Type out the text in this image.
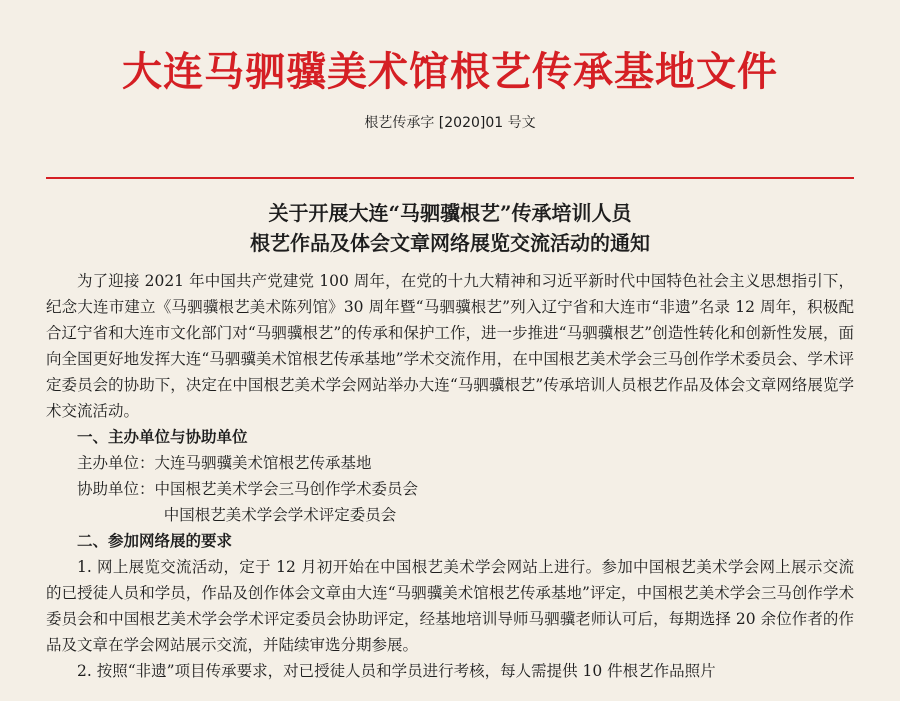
大连马驷骥美术馆根艺传承基地文件
根艺传承字 [2020]01 号文
关于开展大连“马驷骥根艺”传承培训人员
根艺作品及体会文章网络展览交流活动的通知

为了迎接 2021 年中国共产党建党 100 周年，在党的十九大精神和习近平新时代中国特色社会主义思想指引下，纪念大连市建立《马驷骥根艺美术陈列馆》30 周年暨“马驷骥根艺”列入辽宁省和大连市“非遗”名录 12 周年，积极配合辽宁省和大连市文化部门对“马驷骥根艺”的传承和保护工作，进一步推进“马驷骥根艺”创造性转化和创新性发展，面向全国更好地发挥大连“马驷骥美术馆根艺传承基地”学术交流作用，在中国根艺美术学会三马创作学术委员会、学术评定委员会的协助下，决定在中国根艺美术学会网站举办大连“马驷骥根艺”传承培训人员根艺作品及体会文章网络展览学术交流活动。

一、主办单位与协助单位

主办单位：大连马驷骥美术馆根艺传承基地

协助单位：中国根艺美术学会三马创作学术委员会

中国根艺美术学会学术评定委员会

二、参加网络展的要求

1. 网上展览交流活动，定于 12 月初开始在中国根艺美术学会网站上进行。参加中国根艺美术学会网上展示交流的已授徒人员和学员，作品及创作体会文章由大连“马驷骥美术馆根艺传承基地”评定，中国根艺美术学会三马创作学术委员会和中国根艺美术学会学术评定委员会协助评定，经基地培训导师马驷骥老师认可后，每期选择 20 余位作者的作品及文章在学会网站展示交流，并陆续审选分期参展。

2. 按照“非遗”项目传承要求，对已授徒人员和学员进行考核，每人需提供 10 件根艺作品照片
